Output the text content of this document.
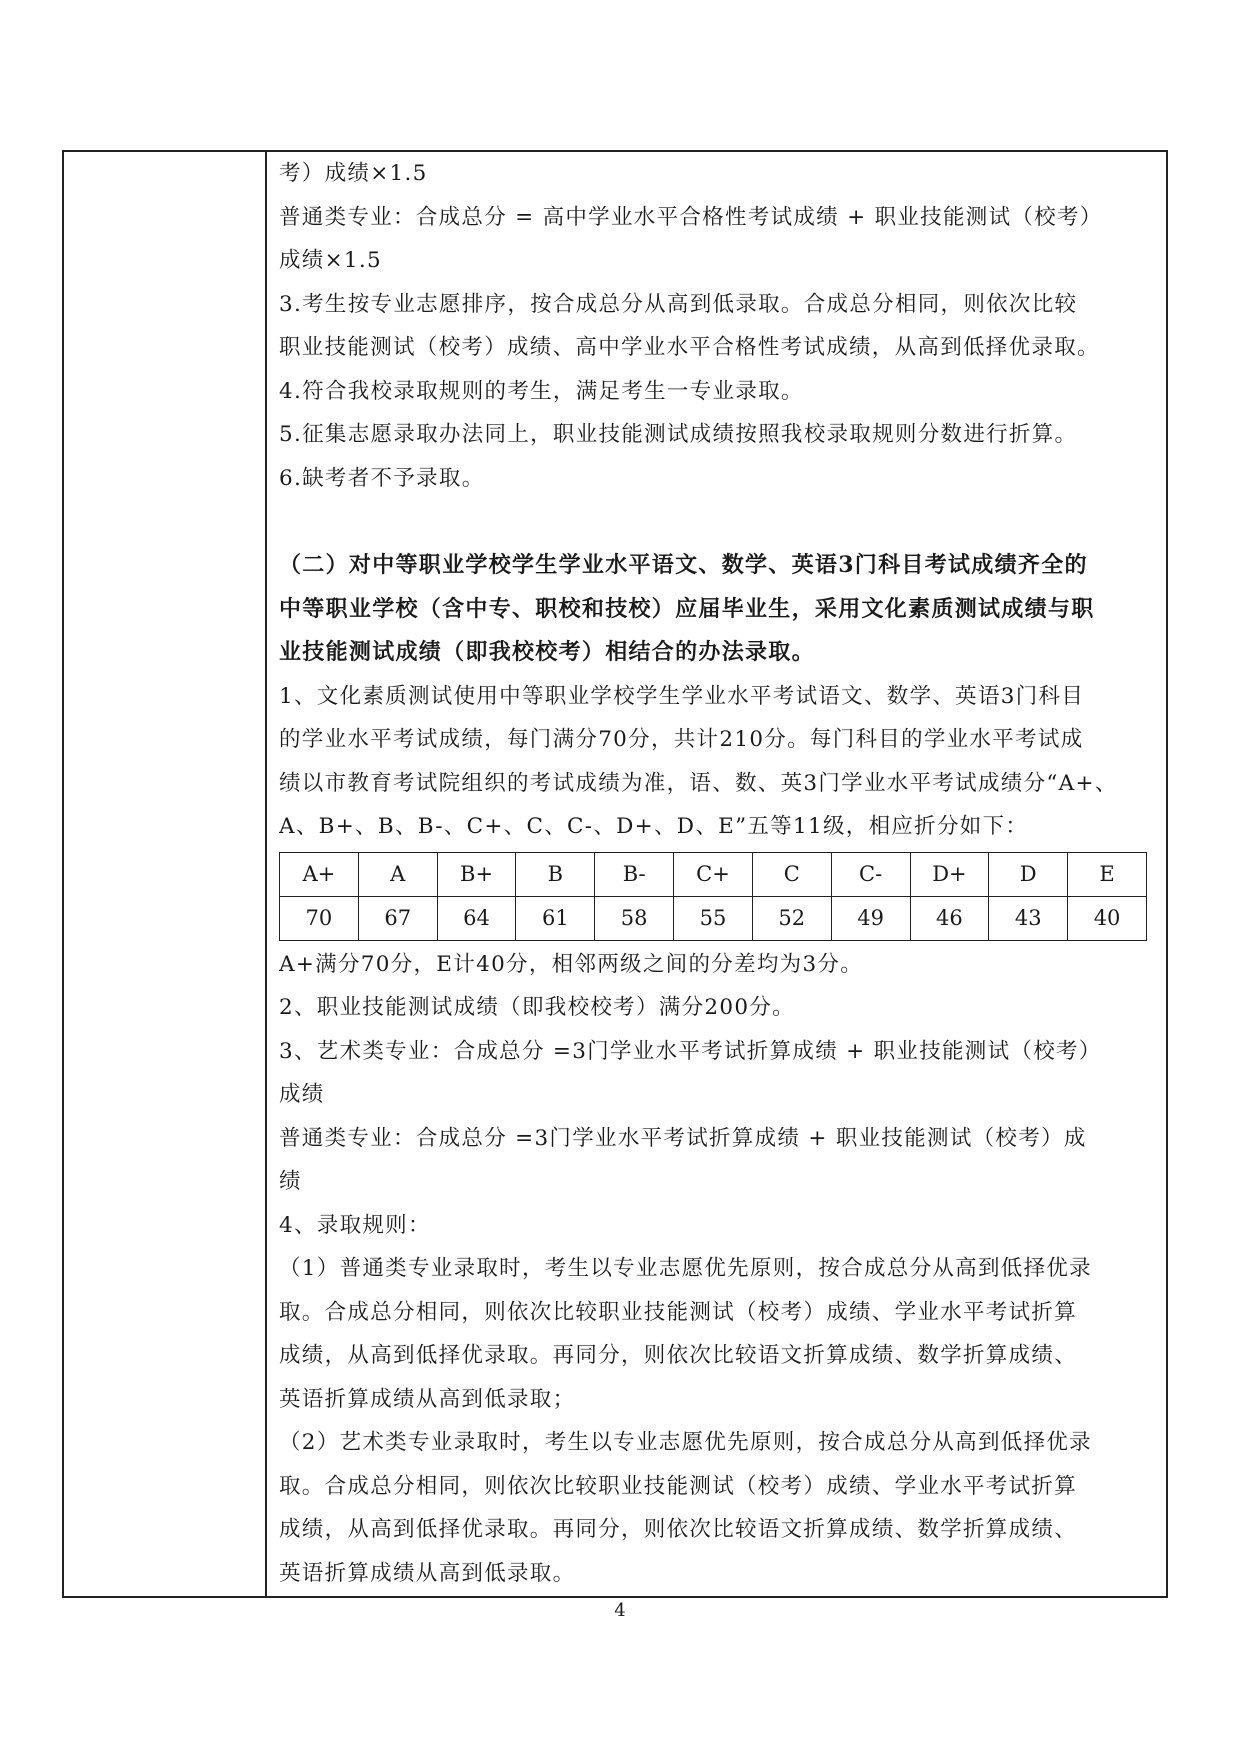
考）成绩×1.5
普通类专业：合成总分 = 高中学业水平合格性考试成绩 + 职业技能测试（校考）
成绩×1.5
3.考生按专业志愿排序，按合成总分从高到低录取。合成总分相同，则依次比较
职业技能测试（校考）成绩、高中学业水平合格性考试成绩，从高到低择优录取。
4.符合我校录取规则的考生，满足考生一专业录取。
5.征集志愿录取办法同上，职业技能测试成绩按照我校录取规则分数进行折算。
6.缺考者不予录取。
（二）对中等职业学校学生学业水平语文、数学、英语3门科目考试成绩齐全的
中等职业学校（含中专、职校和技校）应届毕业生，采用文化素质测试成绩与职
业技能测试成绩（即我校校考）相结合的办法录取。
1、文化素质测试使用中等职业学校学生学业水平考试语文、数学、英语3门科目
的学业水平考试成绩，每门满分70分，共计210分。每门科目的学业水平考试成
绩以市教育考试院组织的考试成绩为准，语、数、英3门学业水平考试成绩分“A+、
A、B+、B、B-、C+、C、C-、D+、D、E”五等11级，相应折分如下：
A+	A	B+	B	B-	C+	C	C-	D+	D	E
70	67	64	61	58	55	52	49	46	43	40
A+满分70分，E计40分，相邻两级之间的分差均为3分。
2、职业技能测试成绩（即我校校考）满分200分。
3、艺术类专业：合成总分 =3门学业水平考试折算成绩 + 职业技能测试（校考）
成绩
普通类专业：合成总分 =3门学业水平考试折算成绩 + 职业技能测试（校考）成
绩
4、录取规则：
（1）普通类专业录取时，考生以专业志愿优先原则，按合成总分从高到低择优录
取。合成总分相同，则依次比较职业技能测试（校考）成绩、学业水平考试折算
成绩，从高到低择优录取。再同分，则依次比较语文折算成绩、数学折算成绩、
英语折算成绩从高到低录取；
（2）艺术类专业录取时，考生以专业志愿优先原则，按合成总分从高到低择优录
取。合成总分相同，则依次比较职业技能测试（校考）成绩、学业水平考试折算
成绩，从高到低择优录取。再同分，则依次比较语文折算成绩、数学折算成绩、
英语折算成绩从高到低录取。
4
